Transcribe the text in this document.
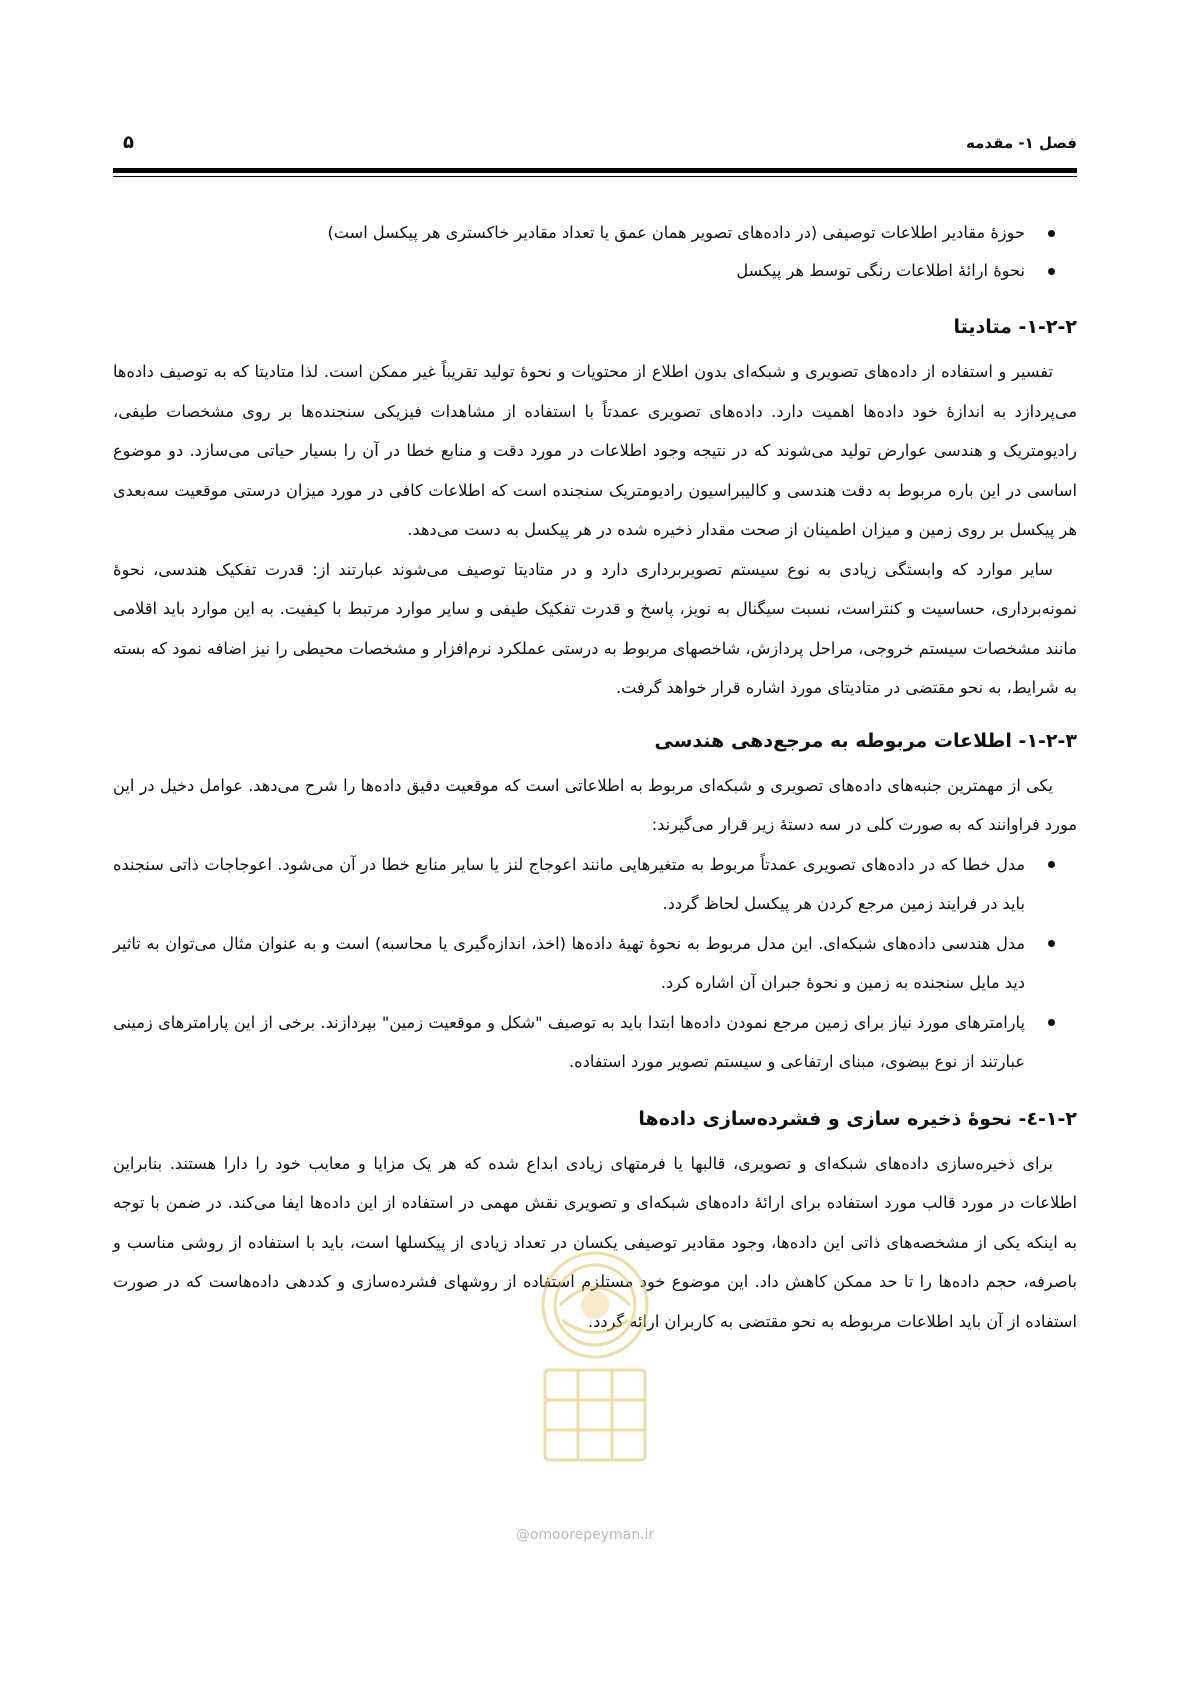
فصل ۱- مقدمه
۵
حوزهٔ مقادیر اطلاعات توصیفی (در داده‌های تصویر همان عمق یا تعداد مقادیر خاکستری هر پیکسل است)
نحوهٔ ارائهٔ اطلاعات رنگی توسط هر پیکسل
۱-۲-۲- متادیتا

تفسیر و استفاده از داده‌های تصویری و شبکه‌ای بدون اطلاع از محتویات و نحوهٔ تولید تقریباً غیر ممکن است. لذا متادیتا که به توصیف داده‌ها می‌پردازد به اندازهٔ خود داده‌ها اهمیت دارد. داده‌های تصویری عمدتاً با استفاده از مشاهدات فیزیکی سنجنده‌ها بر روی مشخصات طیفی، رادیومتریک و هندسی عوارض تولید می‌شوند که در نتیجه وجود اطلاعات در مورد دقت و منابع خطا در آن را بسیار حیاتی می‌سازد. دو موضوع اساسی در این باره مربوط به دقت هندسی و کالیبراسیون رادیومتریک سنجنده است که اطلاعات کافی در مورد میزان درستی موقعیت سه‌بعدی هر پیکسل بر روی زمین و میزان اطمینان از صحت مقدار ذخیره شده در هر پیکسل به دست می‌دهد.

سایر موارد که وابستگی زیادی به نوع سیستم تصویربرداری دارد و در متادیتا توصیف می‌شوند عبارتند از: قدرت تفکیک هندسی، نحوهٔ نمونه‌برداری، حساسیت و کنتراست، نسبت سیگنال به نویز، پاسخ و قدرت تفکیک طیفی و سایر موارد مرتبط با کیفیت. به این موارد باید اقلامی مانند مشخصات سیستم خروجی، مراحل پردازش، شاخصهای مربوط به درستی عملکرد نرم‌افزار و مشخصات محیطی را نیز اضافه نمود که بسته به شرایط، به نحو مقتضی در متادیتای مورد اشاره قرار خواهد گرفت.

۱-۲-۳- اطلاعات مربوطه به مرجع‌دهی هندسی

یکی از مهمترین جنبه‌های داده‌های تصویری و شبکه‌ای مربوط به اطلاعاتی است که موقعیت دقیق داده‌ها را شرح می‌دهد. عوامل دخیل در این مورد فراوانند که به صورت کلی در سه دستهٔ زیر قرار می‌گیرند:

مدل خطا که در داده‌های تصویری عمدتاً مربوط به متغیرهایی مانند اعوجاج لنز یا سایر منابع خطا در آن می‌شود. اعوجاجات ذاتی سنجنده باید در فرایند زمین مرجع کردن هر پیکسل لحاظ گردد.
مدل هندسی داده‌های شبکه‌ای. این مدل مربوط به نحوهٔ تهیهٔ داده‌ها (اخذ، اندازه‌گیری یا محاسبه) است و به عنوان مثال می‌توان به تاثیر دید مایل سنجنده به زمین و نحوهٔ جبران آن اشاره کرد.
پارامترهای مورد نیاز برای زمین مرجع نمودن داده‌ها ابتدا باید به توصیف "شکل و موقعیت زمین" بپردازند. برخی از این پارامترهای زمینی عبارتند از نوع بیضوی، مبنای ارتفاعی و سیستم تصویر مورد استفاده.
۱-۲-٤- نحوهٔ ذخیره سازی و فشرده‌سازی داده‌ها

برای ذخیره‌سازی داده‌های شبکه‌ای و تصویری، قالبها یا فرمتهای زیادی ابداع شده که هر یک مزایا و معایب خود را دارا هستند. بنابراین اطلاعات در مورد قالب مورد استفاده برای ارائهٔ داده‌های شبکه‌ای و تصویری نقش مهمی در استفاده از این داده‌ها ایفا می‌کند. در ضمن با توجه به اینکه یکی از مشخصه‌های ذاتی این داده‌ها، وجود مقادیر توصیفی یکسان در تعداد زیادی از پیکسلها است، باید با استفاده از روشی مناسب و باصرفه، حجم داده‌ها را تا حد ممکن کاهش داد. این موضوع خود مستلزم استفاده از روشهای فشرده‌سازی و کددهی داده‌هاست که در صورت استفاده از آن باید اطلاعات مربوطه به نحو مقتضی به کاربران ارائه گردد.

@omoorepeyman.ir
